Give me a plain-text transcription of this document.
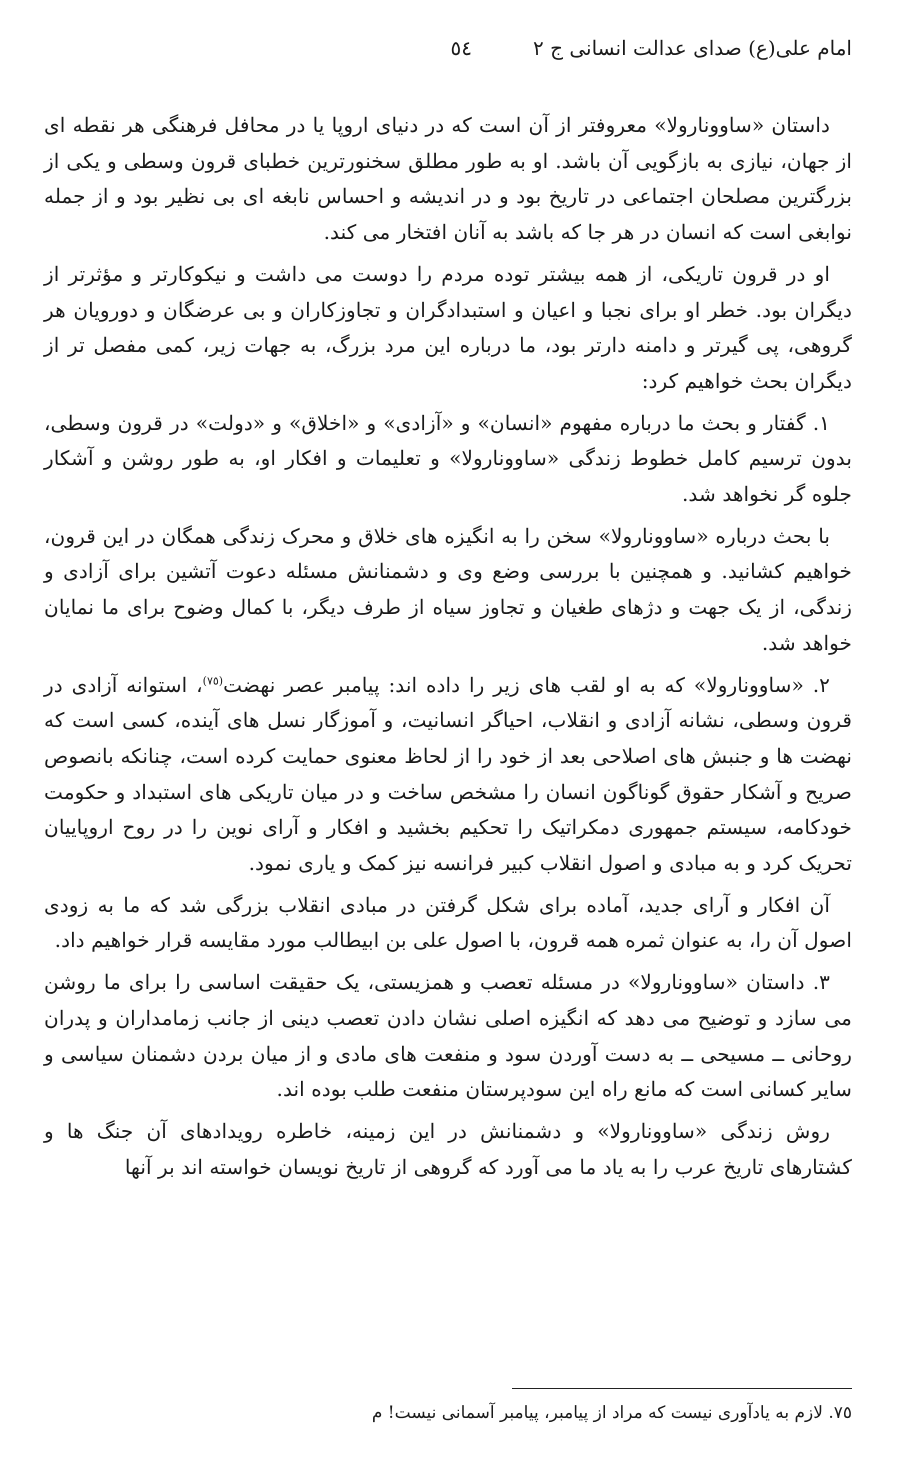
امام علی(ع) صدای عدالت انسانی ج ٢
٥٤

داستان «ساوونارولا» معروفتر از آن است که در دنیای اروپا یا در محافل فرهنگی هر نقطه ای از جهان، نیازی به بازگویی آن باشد. او به طور مطلق سخنورترین خطبای قرون وسطی و یکی از بزرگترین مصلحان اجتماعی در تاریخ بود و در اندیشه و احساس نابغه ای بی نظیر بود و از جمله نوابغی است که انسان در هر جا که باشد به آنان افتخار می کند.

او در قرون تاریکی، از همه بیشتر توده مردم را دوست می داشت و نیکوکارتر و مؤثرتر از دیگران بود. خطر او برای نجبا و اعیان و استبدادگران و تجاوزکاران و بی عرضگان و دورویان هر گروهی، پی گیرتر و دامنه دارتر بود، ما درباره این مرد بزرگ، به جهات زیر، کمی مفصل تر از دیگران بحث خواهیم کرد:

١. گفتار و بحث ما درباره مفهوم «انسان» و «آزادی» و «اخلاق» و «دولت» در قرون وسطی، بدون ترسیم کامل خطوط زندگی «ساوونارولا» و تعلیمات و افکار او، به طور روشن و آشکار جلوه گر نخواهد شد.

با بحث درباره «ساوونارولا» سخن را به انگیزه های خلاق و محرک زندگی همگان در این قرون، خواهیم کشانید. و همچنین با بررسی وضع وی و دشمنانش مسئله دعوت آتشین برای آزادی و زندگی، از یک جهت و دژهای طغیان و تجاوز سیاه از طرف دیگر، با کمال وضوح برای ما نمایان خواهد شد.

٢. «ساوونارولا» که به او لقب های زیر را داده اند: پیامبر عصر نهضت$^{(٧٥)}$، استوانه آزادی در قرون وسطی، نشانه آزادی و انقلاب، احیاگر انسانیت، و آموزگار نسل های آینده، کسی است که نهضت ها و جنبش های اصلاحی بعد از خود را از لحاظ معنوی حمایت کرده است، چنانکه بانصوص صریح و آشکار حقوق گوناگون انسان را مشخص ساخت و در میان تاریکی های استبداد و حکومت خودکامه، سیستم جمهوری دمکراتیک را تحکیم بخشید و افکار و آرای نوین را در روح اروپاییان تحریک کرد و به مبادی و اصول انقلاب کبیر فرانسه نیز کمک و یاری نمود.

آن افکار و آرای جدید، آماده برای شکل گرفتن در مبادی انقلاب بزرگی شد که ما به زودی اصول آن را، به عنوان ثمره همه قرون، با اصول علی بن ابیطالب مورد مقایسه قرار خواهیم داد.

٣. داستان «ساوونارولا» در مسئله تعصب و همزیستی، یک حقیقت اساسی را برای ما روشن می سازد و توضیح می دهد که انگیزه اصلی نشان دادن تعصب دینی از جانب زمامداران و پدران روحانی ــ مسیحی ــ به دست آوردن سود و منفعت های مادی و از میان بردن دشمنان سیاسی و سایر کسانی است که مانع راه این سودپرستان منفعت طلب بوده اند.

روش زندگی «ساوونارولا» و دشمنانش در این زمینه، خاطره رویدادهای آن جنگ ها و کشتارهای تاریخ عرب را به یاد ما می آورد که گروهی از تاریخ نویسان خواسته اند بر آنها

٧٥. لازم به یادآوری نیست که مراد از پیامبر، پیامبر آسمانی نیست! م
